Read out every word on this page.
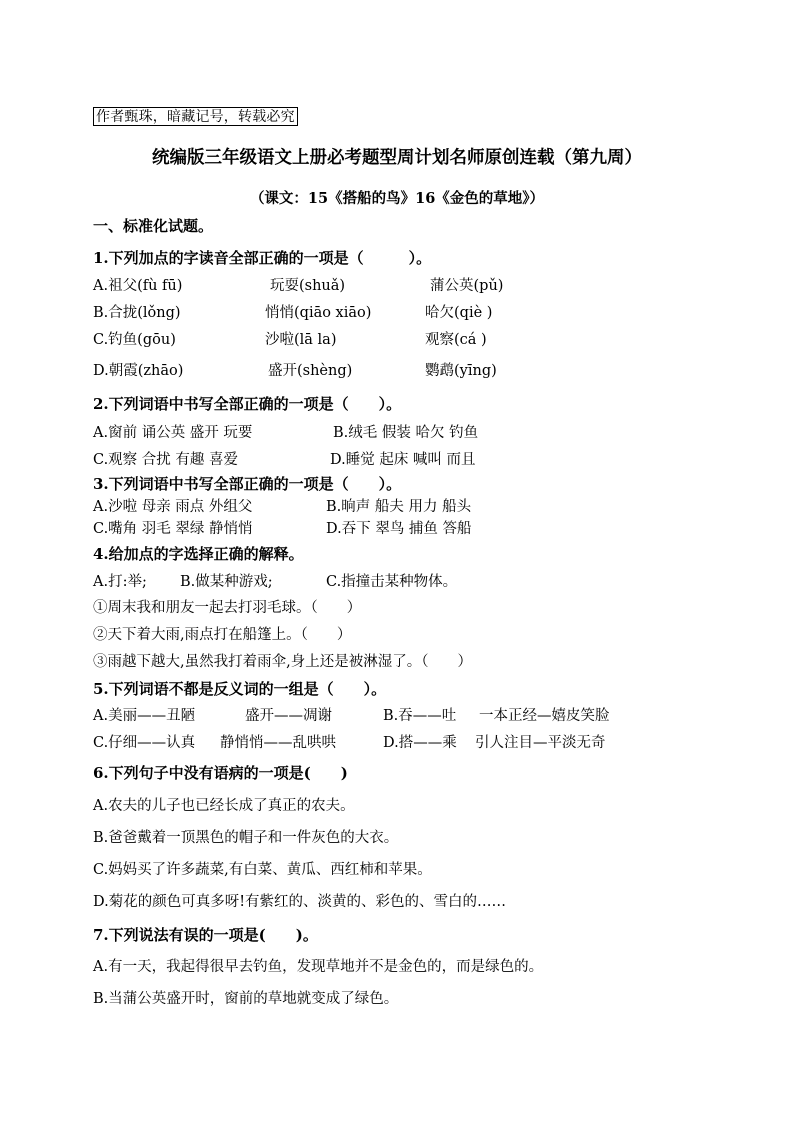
作者甄珠，暗藏记号，转载必究
统编版三年级语文上册必考题型周计划名师原创连载（第九周）
（课文：15《搭船的鸟》16《金色的草地》）
一、标准化试题。
1.下列加点的字读音全部正确的一项是（　　　）。
A.祖父(fù fū)	玩耍(shuǎ)	蒲公英(pǔ)
B.合拢(lǒng)	悄悄(qiāo xiāo)	哈欠(qiè )
C.钓鱼(gōu)	沙啦(lā la)	观察(cá )
D.朝霞(zhāo)	盛开(shèng)	鹦鹉(yīng)
2.下列词语中书写全部正确的一项是（　　）。
A.窗前 诵公英 盛开 玩要	B.绒毛 假装 哈欠 钓鱼
C.观察 合扰 有趣 喜爱	D.睡觉 起床 喊叫 而且
3.下列词语中书写全部正确的一项是（　　）。
A.沙啦 母亲 雨点 外组父	B.晌声 船夫 用力 船头
C.嘴角 羽毛 翠绿 静悄悄	D.吞下 翠鸟 捕鱼 答船
4.给加点的字选择正确的解释。
A.打:举; B.做某种游戏;	C.指撞击某种物体。
①周末我和朋友一起去打羽毛球。（　　）
②天下着大雨,雨点打在船篷上。（　　）
③雨越下越大,虽然我打着雨伞,身上还是被淋湿了。（　　）
5.下列词语不都是反义词的一组是（　　）。
A.美丽——丑陋	盛开——凋谢	B.吞——吐 一本正经—嬉皮笑脸
C.仔细——认真 静悄悄——乱哄哄	D.搭——乘 引人注目—平淡无奇
6.下列句子中没有语病的一项是(　　)
A.农夫的儿子也已经长成了真正的农夫。
B.爸爸戴着一顶黑色的帽子和一件灰色的大衣。
C.妈妈买了许多蔬菜,有白菜、黄瓜、西红柿和苹果。
D.菊花的颜色可真多呀!有紫红的、淡黄的、彩色的、雪白的……
7.下列说法有误的一项是(　　)。
A.有一天，我起得很早去钓鱼，发现草地并不是金色的，而是绿色的。
B.当蒲公英盛开时，窗前的草地就变成了绿色。
